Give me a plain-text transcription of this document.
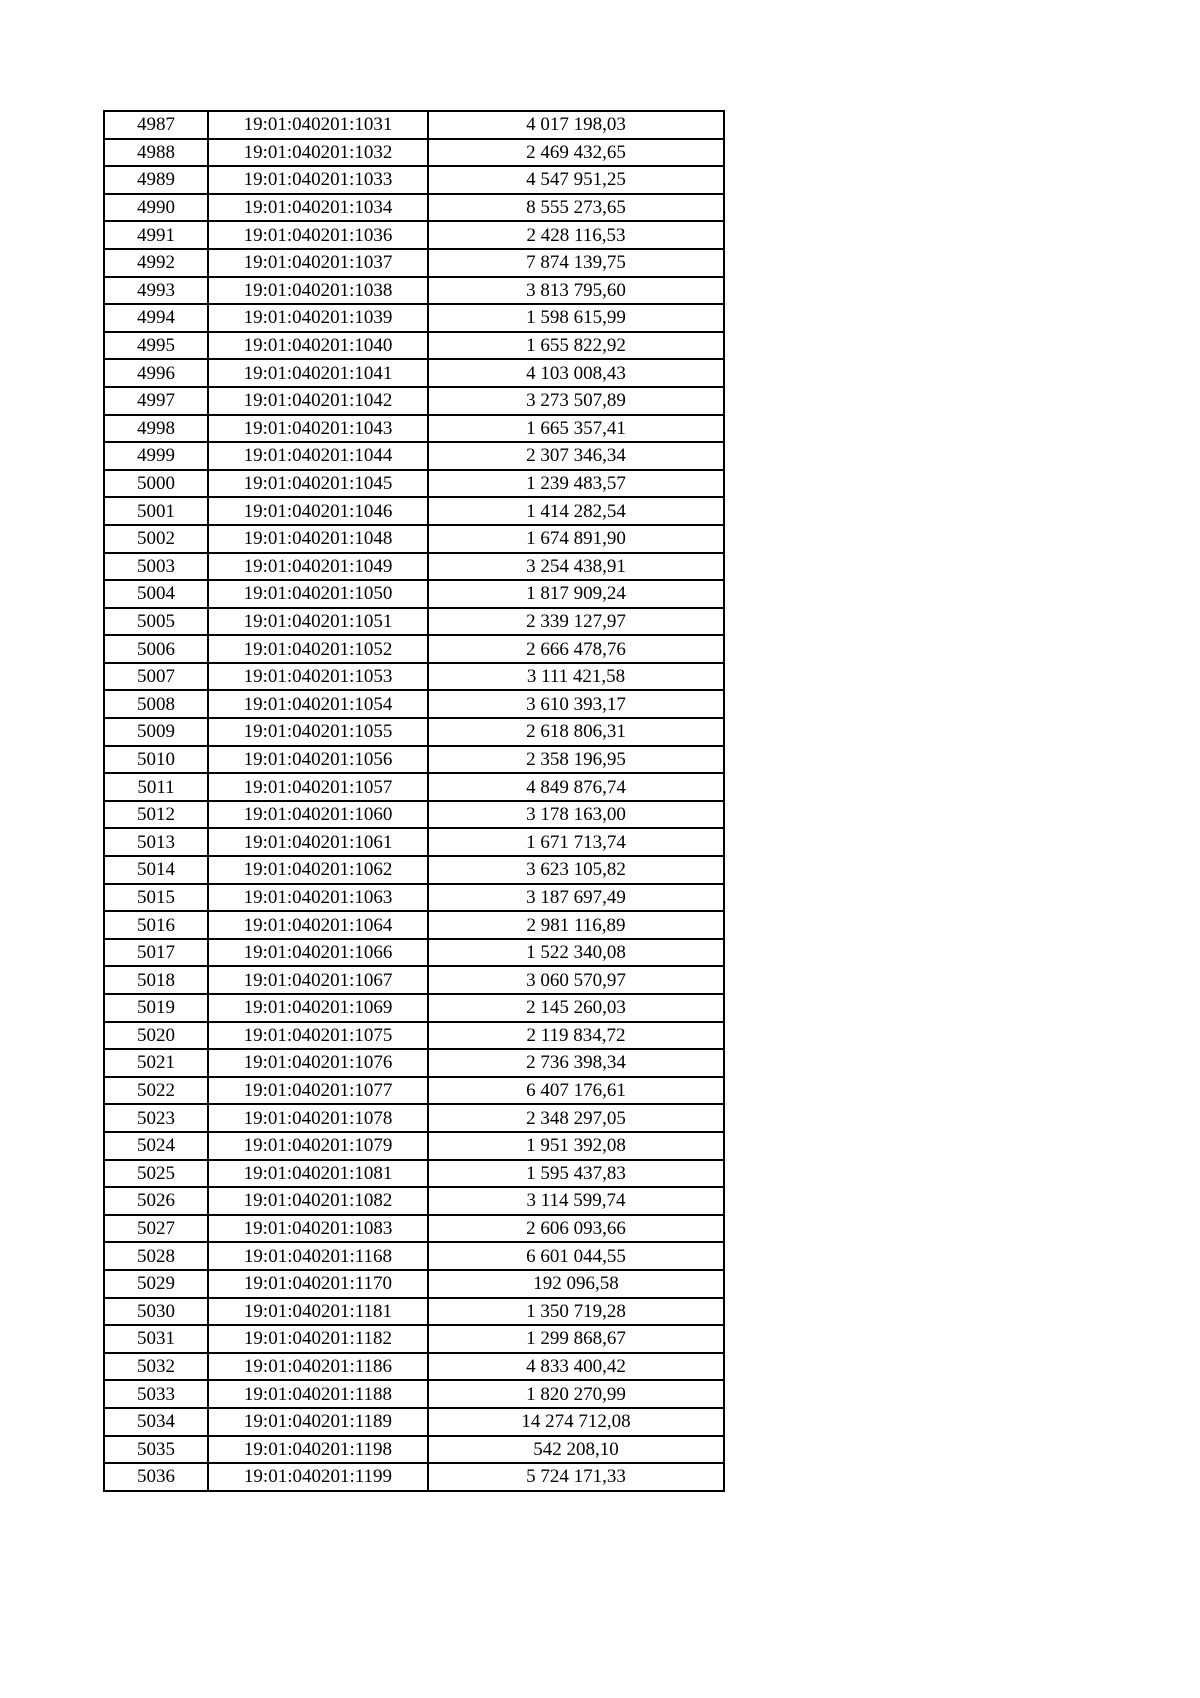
4987	19:01:040201:1031	4 017 198,03
4988	19:01:040201:1032	2 469 432,65
4989	19:01:040201:1033	4 547 951,25
4990	19:01:040201:1034	8 555 273,65
4991	19:01:040201:1036	2 428 116,53
4992	19:01:040201:1037	7 874 139,75
4993	19:01:040201:1038	3 813 795,60
4994	19:01:040201:1039	1 598 615,99
4995	19:01:040201:1040	1 655 822,92
4996	19:01:040201:1041	4 103 008,43
4997	19:01:040201:1042	3 273 507,89
4998	19:01:040201:1043	1 665 357,41
4999	19:01:040201:1044	2 307 346,34
5000	19:01:040201:1045	1 239 483,57
5001	19:01:040201:1046	1 414 282,54
5002	19:01:040201:1048	1 674 891,90
5003	19:01:040201:1049	3 254 438,91
5004	19:01:040201:1050	1 817 909,24
5005	19:01:040201:1051	2 339 127,97
5006	19:01:040201:1052	2 666 478,76
5007	19:01:040201:1053	3 111 421,58
5008	19:01:040201:1054	3 610 393,17
5009	19:01:040201:1055	2 618 806,31
5010	19:01:040201:1056	2 358 196,95
5011	19:01:040201:1057	4 849 876,74
5012	19:01:040201:1060	3 178 163,00
5013	19:01:040201:1061	1 671 713,74
5014	19:01:040201:1062	3 623 105,82
5015	19:01:040201:1063	3 187 697,49
5016	19:01:040201:1064	2 981 116,89
5017	19:01:040201:1066	1 522 340,08
5018	19:01:040201:1067	3 060 570,97
5019	19:01:040201:1069	2 145 260,03
5020	19:01:040201:1075	2 119 834,72
5021	19:01:040201:1076	2 736 398,34
5022	19:01:040201:1077	6 407 176,61
5023	19:01:040201:1078	2 348 297,05
5024	19:01:040201:1079	1 951 392,08
5025	19:01:040201:1081	1 595 437,83
5026	19:01:040201:1082	3 114 599,74
5027	19:01:040201:1083	2 606 093,66
5028	19:01:040201:1168	6 601 044,55
5029	19:01:040201:1170	192 096,58
5030	19:01:040201:1181	1 350 719,28
5031	19:01:040201:1182	1 299 868,67
5032	19:01:040201:1186	4 833 400,42
5033	19:01:040201:1188	1 820 270,99
5034	19:01:040201:1189	14 274 712,08
5035	19:01:040201:1198	542 208,10
5036	19:01:040201:1199	5 724 171,33
